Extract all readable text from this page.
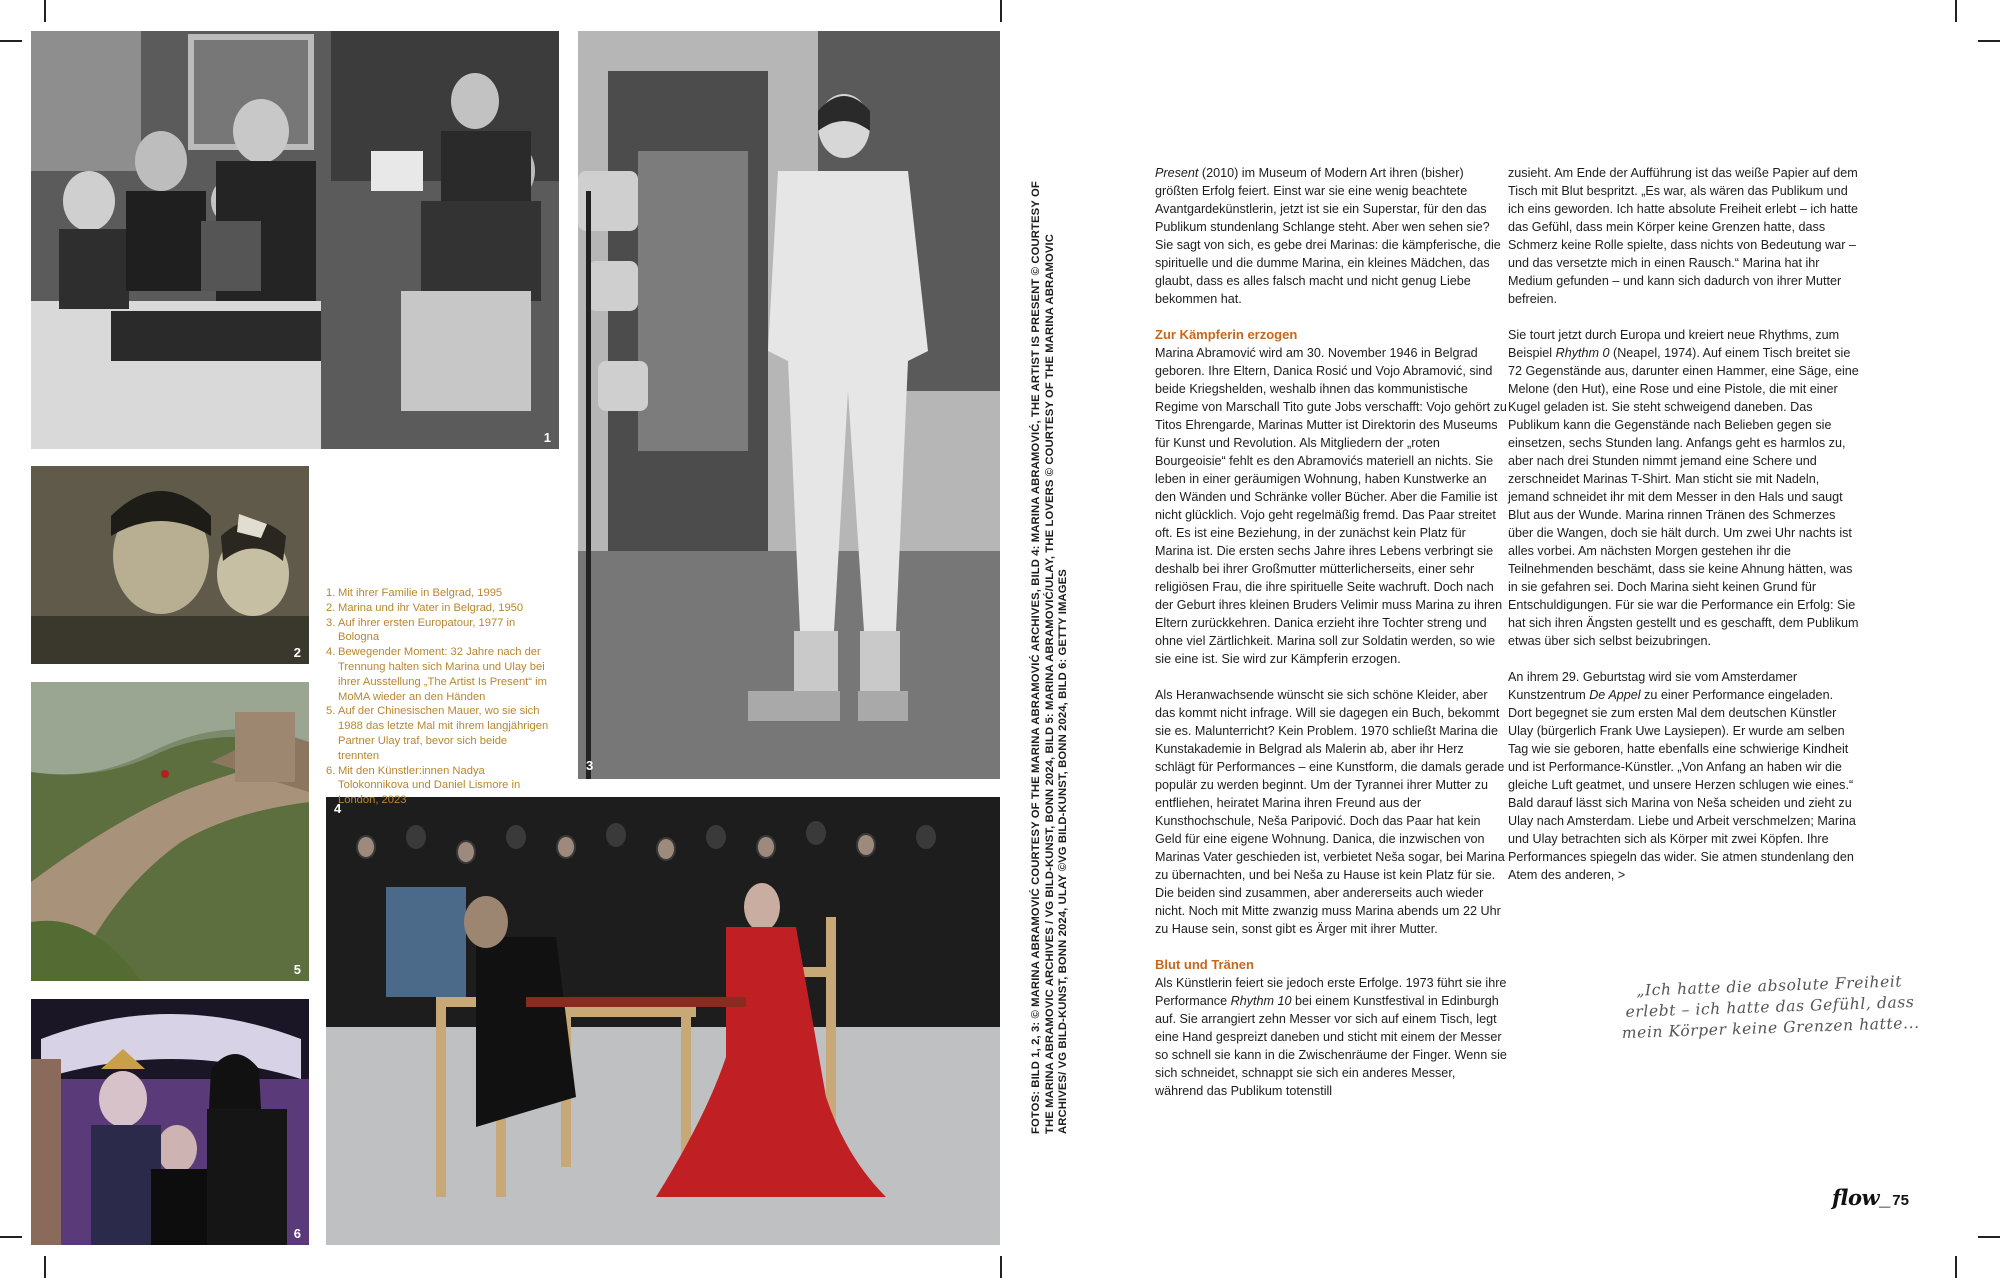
1
2
5
6
3
4
1. Mit ihrer Familie in Belgrad, 1995
2. Marina und ihr Vater in Belgrad, 1950
3. Auf ihrer ersten Europatour, 1977 in Bologna
4. Bewegender Moment: 32 Jahre nach der Trennung halten sich Marina und Ulay bei ihrer Ausstellung „The Artist Is Present“ im MoMA wieder an den Händen
5. Auf der Chinesischen Mauer, wo sie sich 1988 das letzte Mal mit ihrem langjährigen Partner Ulay traf, bevor sich beide trennten
6. Mit den Künstler:innen Nadya Tolokonnikova und Daniel Lismore in London, 2023	FOTOS: BILD 1, 2, 3: © MARINA ABRAMOVIĆ COURTESY OF THE MARINA ABRAMOVIĆ ARCHIVES, BILD 4: MARINA ABRAMOVIĆ, THE ARTIST IS PRESENT © COURTESY OF THE MARINA ABRAMOVIC ARCHIVES / VG BILD-KUNST, BONN 2024, BILD 5: MARINA ABRAMOVIĆ/ULAY, THE LOVERS © COURTESY OF THE MARINA ABRAMOVIC ARCHIVES/ VG BILD-KUNST, BONN 2024, ULAY ©VG BILD-KUNST, BONN 2024, BILD 6: GETTY IMAGES

Present (2010) im Museum of Modern Art ihren (bisher) größten Erfolg feiert. Einst war sie eine wenig beachtete Avantgardekünstlerin, jetzt ist sie ein Superstar, für den das Publikum stundenlang Schlange steht. Aber wen sehen sie? Sie sagt von sich, es gebe drei Marinas: die kämpferische, die spirituelle und die dumme Marina, ein kleines Mädchen, das glaubt, dass es alles falsch macht und nicht genug Liebe bekommen hat.

Zur Kämpferin erzogen

Marina Abramović wird am 30. November 1946 in Belgrad geboren. Ihre Eltern, Danica Rosić und Vojo Abramović, sind beide Kriegshelden, weshalb ihnen das kommunistische Regime von Marschall Tito gute Jobs verschafft: Vojo gehört zu Titos Ehrengarde, Marinas Mutter ist Direktorin des Museums für Kunst und Revolution. Als Mitgliedern der „roten Bourgeoisie“ fehlt es den Abramovićs materiell an nichts. Sie leben in einer geräumigen Wohnung, haben Kunstwerke an den Wänden und Schränke voller Bücher. Aber die Familie ist nicht glücklich. Vojo geht regelmäßig fremd. Das Paar streitet oft. Es ist eine Beziehung, in der zunächst kein Platz für Marina ist. Die ersten sechs Jahre ihres Lebens verbringt sie deshalb bei ihrer Großmutter mütterlicherseits, einer sehr religiösen Frau, die ihre spirituelle Seite wachruft. Doch nach der Geburt ihres kleinen Bruders Velimir muss Marina zu ihren Eltern zurückkehren. Danica erzieht ihre Tochter streng und ohne viel Zärtlichkeit. Marina soll zur Soldatin werden, so wie sie eine ist. Sie wird zur Kämpferin erzogen.

Als Heranwachsende wünscht sie sich schöne Kleider, aber das kommt nicht infrage. Will sie dagegen ein Buch, bekommt sie es. Malunterricht? Kein Problem. 1970 schließt Marina die Kunstakademie in Belgrad als Malerin ab, aber ihr Herz schlägt für Performances – eine Kunstform, die damals gerade populär zu werden beginnt. Um der Tyrannei ihrer Mutter zu entfliehen, heiratet Marina ihren Freund aus der Kunsthochschule, Neša Paripović. Doch das Paar hat kein Geld für eine eigene Wohnung. Danica, die inzwischen von Marinas Vater geschieden ist, verbietet Neša sogar, bei Marina zu übernachten, und bei Neša zu Hause ist kein Platz für sie. Die beiden sind zusammen, aber andererseits auch wieder nicht. Noch mit Mitte zwanzig muss Marina abends um 22 Uhr zu Hause sein, sonst gibt es Ärger mit ihrer Mutter.

Blut und Tränen

Als Künstlerin feiert sie jedoch erste Erfolge. 1973 führt sie ihre Performance Rhythm 10 bei einem Kunstfestival in Edinburgh auf. Sie arrangiert zehn Messer vor sich auf einem Tisch, legt eine Hand gespreizt daneben und sticht mit einem der Messer so schnell sie kann in die Zwischenräume der Finger. Wenn sie sich schneidet, schnappt sie sich ein anderes Messer, während das Publikum totenstill

zusieht. Am Ende der Aufführung ist das weiße Papier auf dem Tisch mit Blut bespritzt. „Es war, als wären das Publikum und ich eins geworden. Ich hatte absolute Freiheit erlebt – ich hatte das Gefühl, dass mein Körper keine Grenzen hatte, dass Schmerz keine Rolle spielte, dass nichts von Bedeutung war – und das versetzte mich in einen Rausch.“ Marina hat ihr Medium gefunden – und kann sich dadurch von ihrer Mutter befreien.

Sie tourt jetzt durch Europa und kreiert neue Rhythms, zum Beispiel Rhythm 0 (Neapel, 1974). Auf einem Tisch breitet sie 72 Gegenstände aus, darunter einen Hammer, eine Säge, eine Melone (den Hut), eine Rose und eine Pistole, die mit einer Kugel geladen ist. Sie steht schweigend daneben. Das Publikum kann die Gegenstände nach Belieben gegen sie einsetzen, sechs Stunden lang. Anfangs geht es harmlos zu, aber nach drei Stunden nimmt jemand eine Schere und zerschneidet Marinas T-Shirt. Man sticht sie mit Nadeln, jemand schneidet ihr mit dem Messer in den Hals und saugt Blut aus der Wunde. Marina rinnen Tränen des Schmerzes über die Wangen, doch sie hält durch. Um zwei Uhr nachts ist alles vorbei. Am nächsten Morgen gestehen ihr die Teilnehmenden beschämt, dass sie keine Ahnung hätten, was in sie gefahren sei. Doch Marina sieht keinen Grund für Entschuldigungen. Für sie war die Performance ein Erfolg: Sie hat sich ihren Ängsten gestellt und es geschafft, dem Publikum etwas über sich selbst beizubringen.

An ihrem 29. Geburtstag wird sie vom Amsterdamer Kunstzentrum De Appel zu einer Performance eingeladen. Dort begegnet sie zum ersten Mal dem deutschen Künstler Ulay (bürgerlich Frank Uwe Laysiepen). Er wurde am selben Tag wie sie geboren, hatte ebenfalls eine schwierige Kindheit und ist Performance-Künstler. „Von Anfang an haben wir die gleiche Luft geatmet, und unsere Herzen schlugen wie eines.“ Bald darauf lässt sich Marina von Neša scheiden und zieht zu Ulay nach Amsterdam. Liebe und Arbeit verschmelzen; Marina und Ulay betrachten sich als Körper mit zwei Köpfen. Ihre Performances spiegeln das wider. Sie atmen stundenlang den Atem des anderen, >

„Ich hatte die absolute Freiheit erlebt – ich hatte das Gefühl, dass mein Körper keine Grenzen hatte...
flow_ 75
